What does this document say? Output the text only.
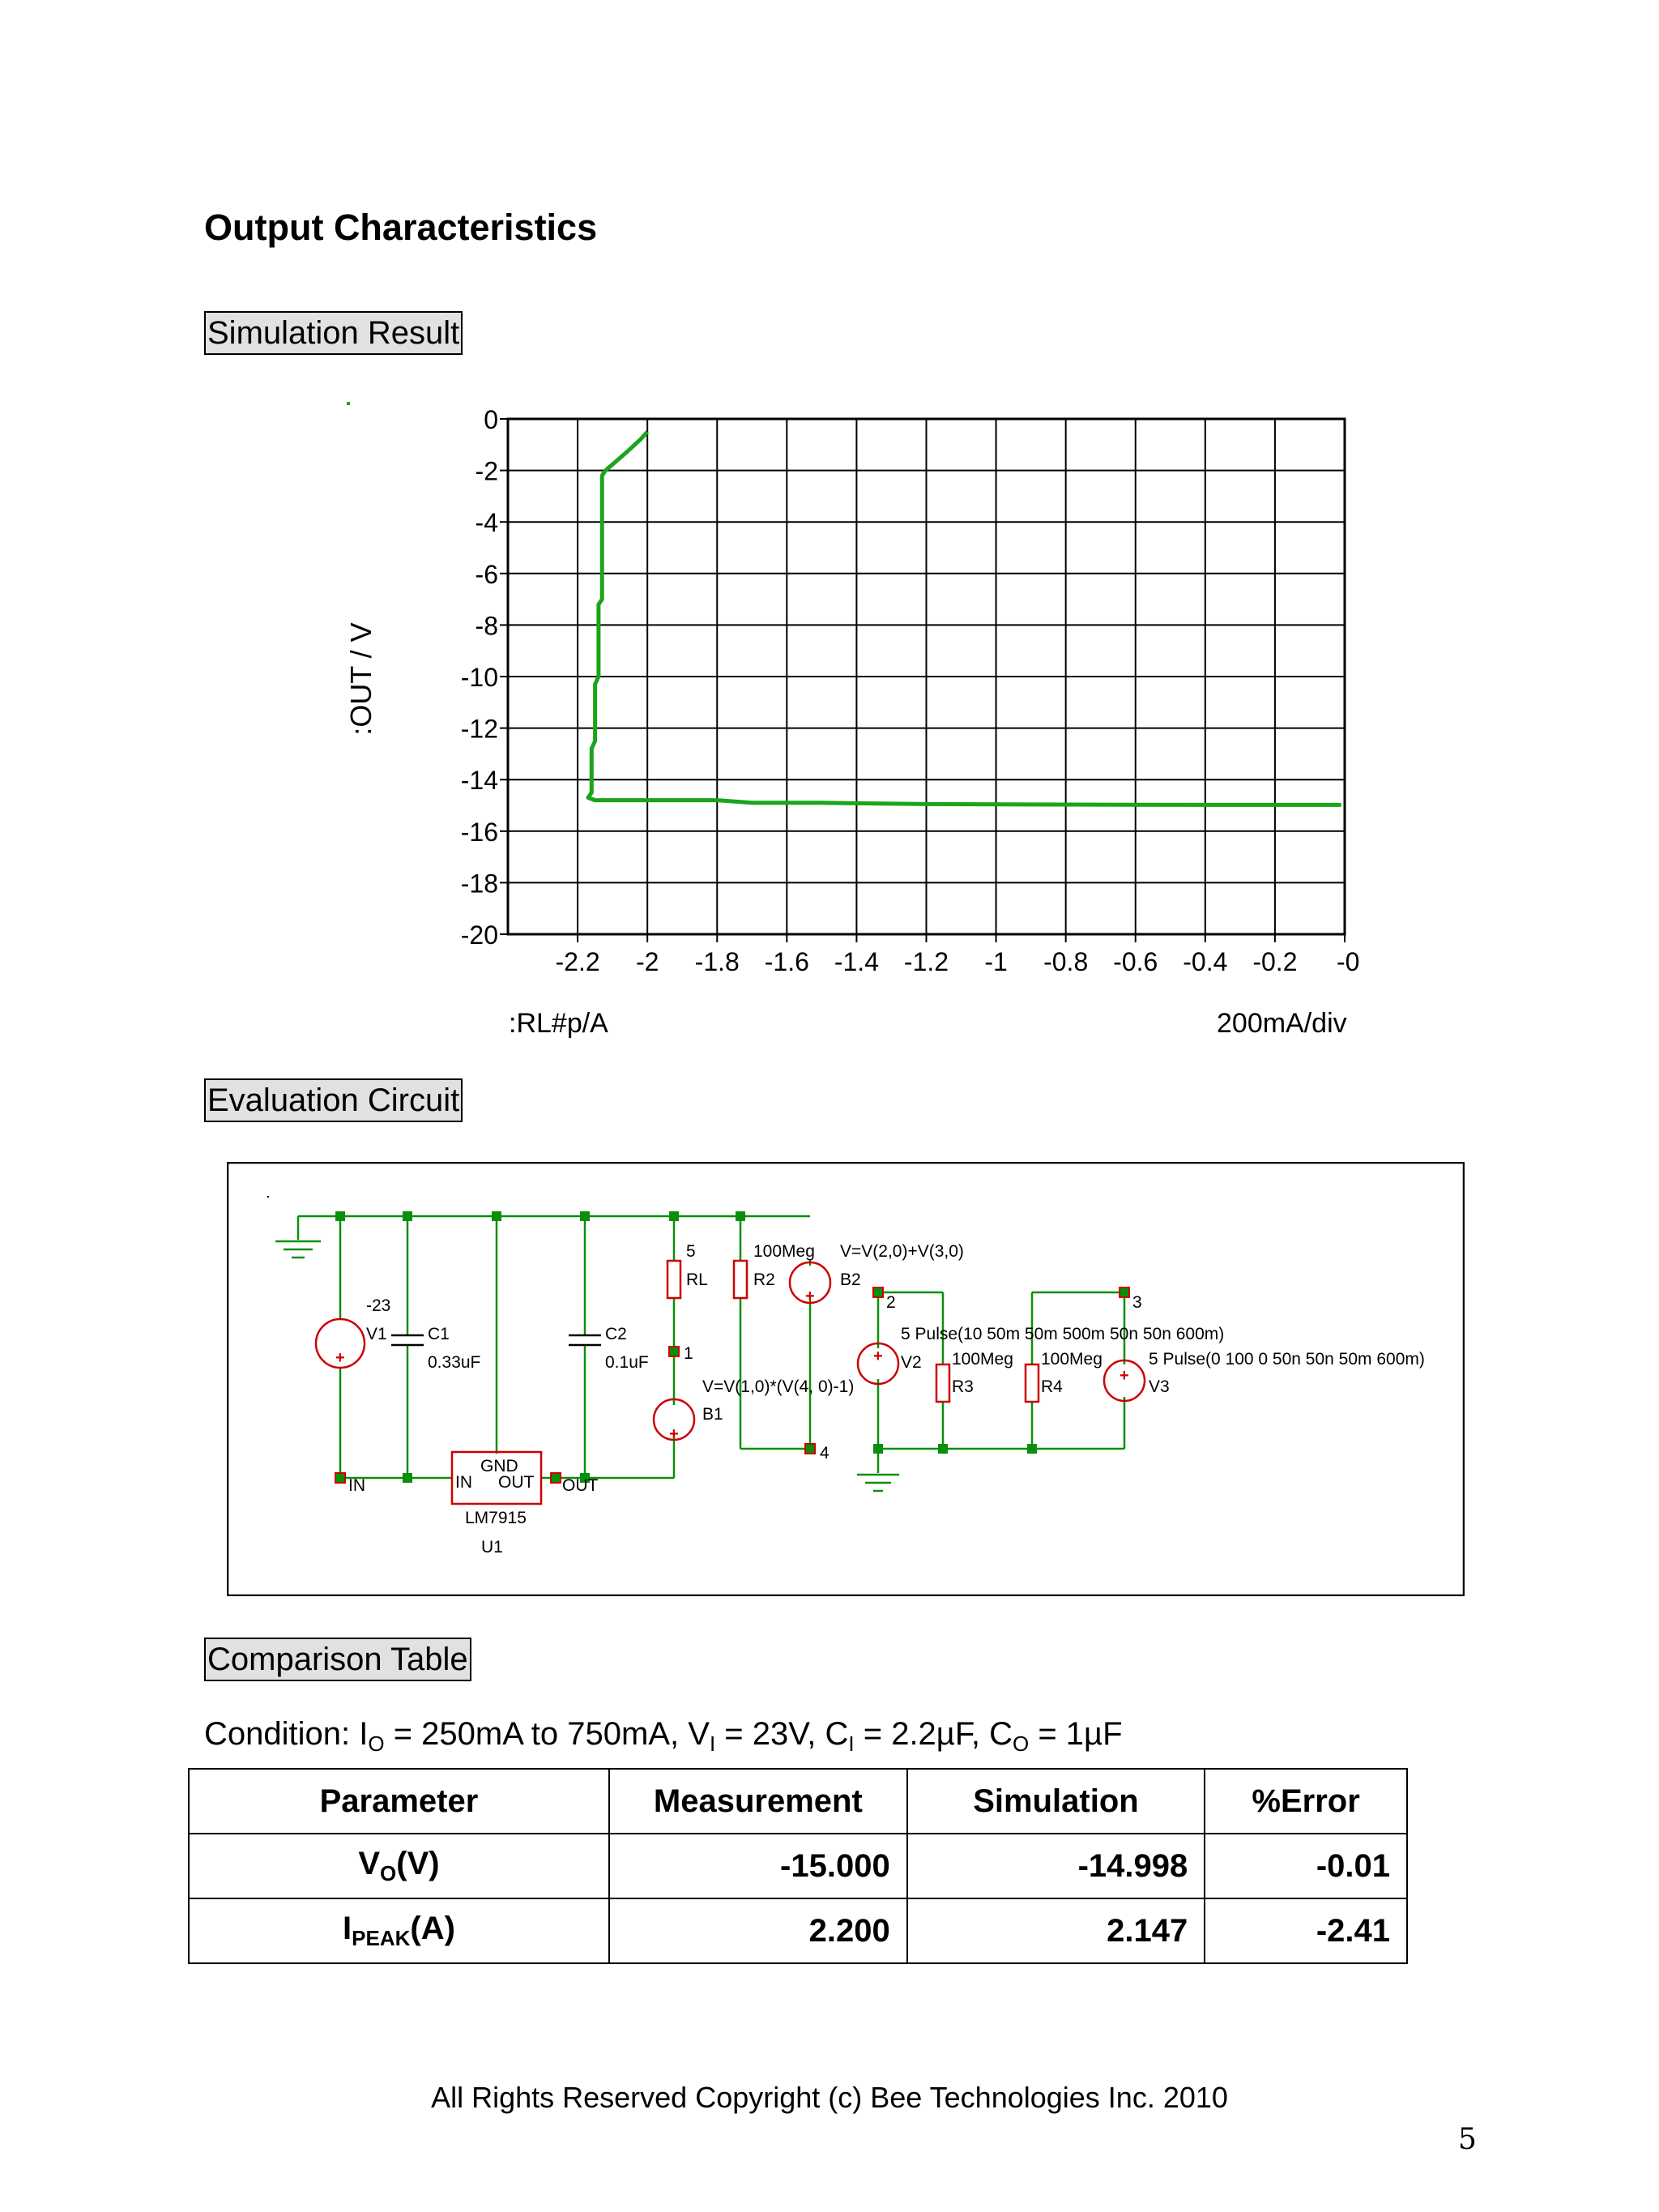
Output Characteristics
Simulation Result
0
-2
-4
-6
-8
-10
-12
-14
-16
-18
-20
-2.2 -2 -1.8 -1.6 -1.4 -1.2 -1 -0.8 -0.6 -0.4 -0.2 -0
:OUT / V
:RL#p/A	200mA/div
Evaluation Circuit
+
+
+
+
+
-23
V1 C1
0.33uF
C2
0.1uF
5
RL
100Meg
R2
V=V(2,0)+V(3,0)
B2
V=V(1,0)*(V(4, 0)-1)
B1
5 Pulse(10 50m 50m 500m 50n 50n 600m)
V2 100Meg
R3
100Meg
R4
5 Pulse(0 100 0 50n 50n 50m 600m)
V3
GND
IN OUT
LM7915
U1
IN	OUT
1
2	3
4
Comparison Table
Condition: $I_O = 250mA$ to 750mA, $V_I = 23V$, $C_I = 2.2\mu F$, $C_O = 1\mu F$
Parameter	Measurement	Simulation	%Error
$V_O(V)$	-15.000	-14.998	-0.01
$I_{PEAK}(A)$	2.200	2.147	-2.41
All Rights Reserved Copyright (c) Bee Technologies Inc. 2010
5
